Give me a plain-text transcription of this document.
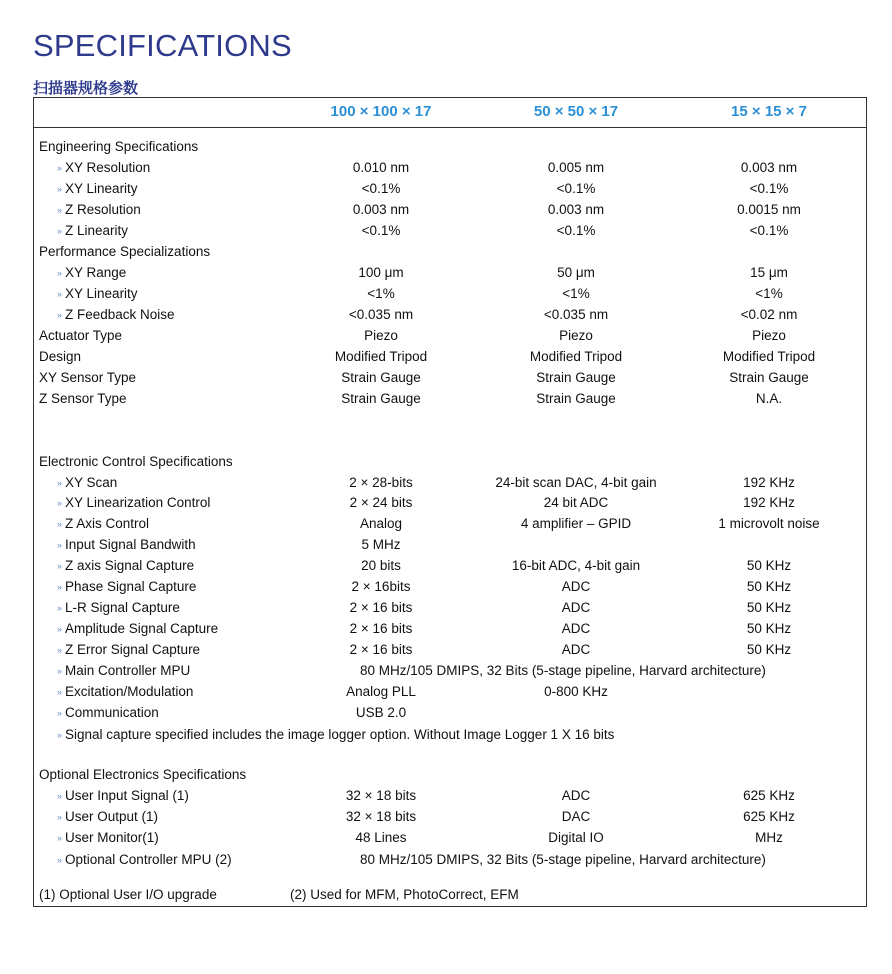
SPECIFICATIONS
扫描器规格参数
100 × 100 × 17	50 × 50 × 17	15 × 15 × 7
Engineering Specifications
» XY Resolution	0.010 nm	0.005 nm	0.003 nm
» XY Linearity	<0.1%	<0.1%	<0.1%
» Z Resolution	0.003 nm	0.003 nm	0.0015 nm
» Z Linearity	<0.1%	<0.1%	<0.1%
Performance Specializations
» XY Range	100 μm	50 μm	15 μm
» XY Linearity	<1%	<1%	<1%
» Z Feedback Noise	<0.035 nm	<0.035 nm	<0.02 nm
Actuator Type	Piezo	Piezo	Piezo
Design	Modified Tripod	Modified Tripod	Modified Tripod
XY Sensor Type	Strain Gauge	Strain Gauge	Strain Gauge
Z Sensor Type	Strain Gauge	Strain Gauge	N.A.
Electronic Control Specifications
» XY Scan	2 × 28-bits	24-bit scan DAC, 4-bit gain	192 KHz
» XY Linearization Control	2 × 24 bits	24 bit ADC	192 KHz
» Z Axis Control	Analog	4 amplifier – GPID	1 microvolt noise
» Input Signal Bandwith	5 MHz
» Z axis Signal Capture	20 bits	16-bit ADC, 4-bit gain	50 KHz
» Phase Signal Capture	2 × 16bits	ADC	50 KHz
» L-R Signal Capture	2 × 16 bits	ADC	50 KHz
» Amplitude Signal Capture	2 × 16 bits	ADC	50 KHz
» Z Error Signal Capture	2 × 16 bits	ADC	50 KHz
» Main Controller MPU	80 MHz/105 DMIPS, 32 Bits (5-stage pipeline, Harvard architecture)
» Excitation/Modulation	Analog PLL	0-800 KHz
» Communication	USB 2.0
» Signal capture specified includes the image logger option. Without Image Logger 1 X 16 bits
Optional Electronics Specifications
» User Input Signal (1)	32 × 18 bits	ADC	625 KHz
» User Output (1)	32 × 18 bits	DAC	625 KHz
» User Monitor(1)	48 Lines	Digital IO	MHz
» Optional Controller MPU (2)	80 MHz/105 DMIPS, 32 Bits (5-stage pipeline, Harvard architecture)
(1) Optional User I/O upgrade	(2) Used for MFM, PhotoCorrect, EFM
